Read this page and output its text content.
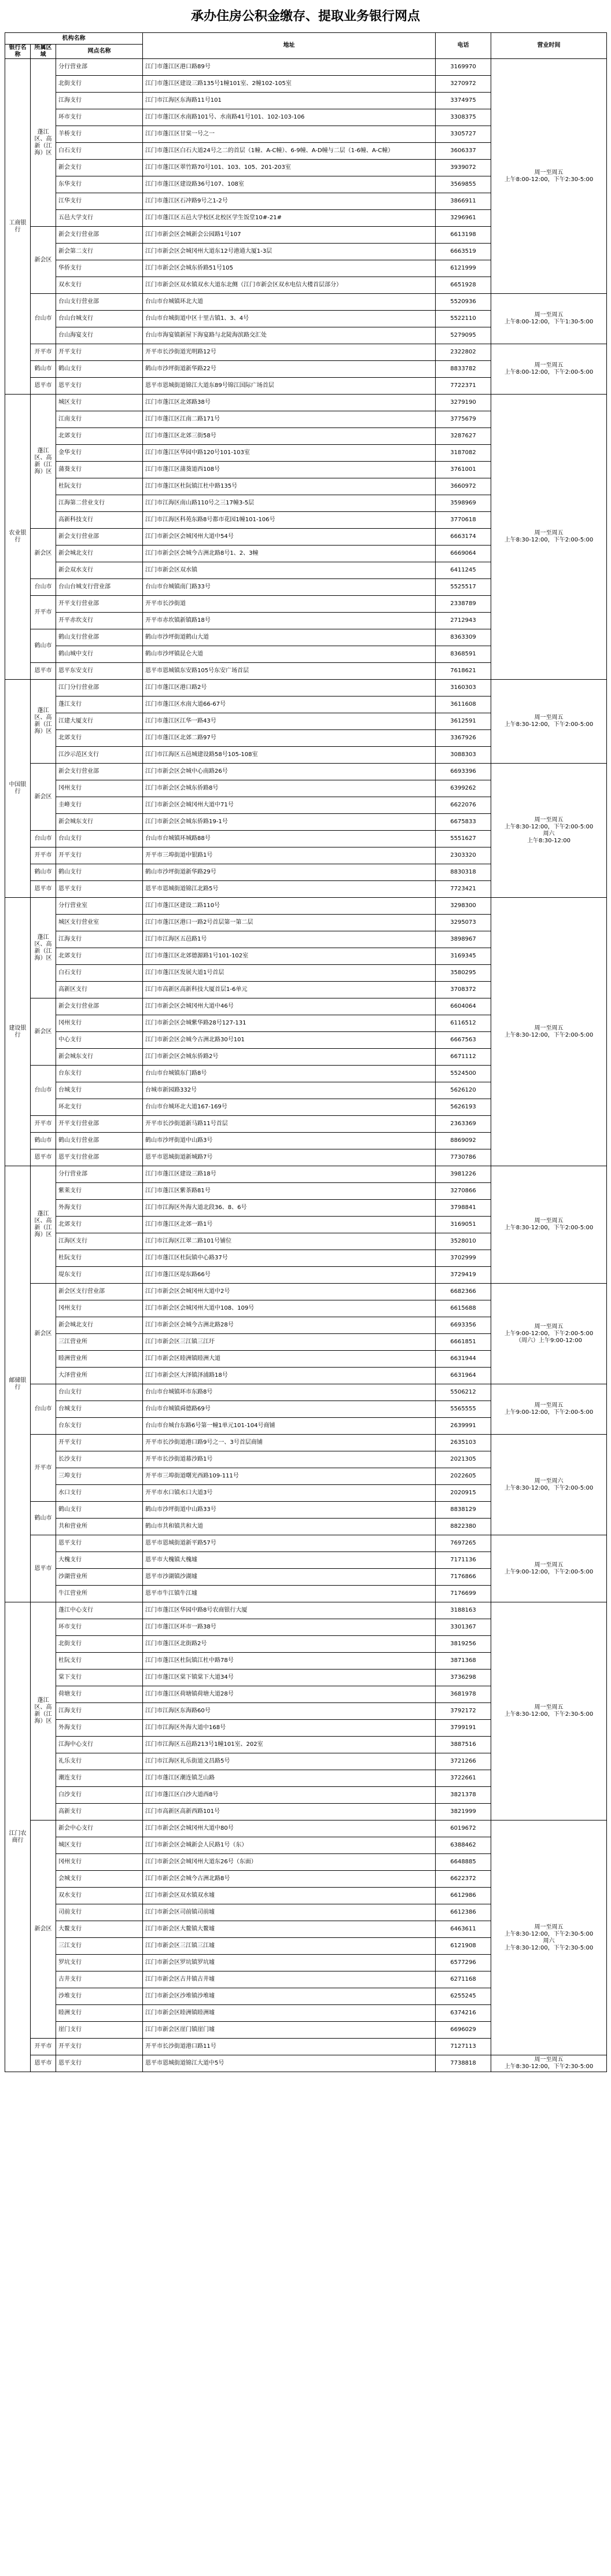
承办住房公积金缴存、提取业务银行网点
机构名称			地址	电话	营业时间
银行名称	所属区域	网点名称			
工商银行	蓬江区、高新（江海）区	分行营业部	江门市蓬江区港口路89号	3169970	周一至周五
上午8:00-12:00，下午2:30-5:00
		北街支行	江门市蓬江区建设三路135号1幢101室、2幢102-105室	3270972	
		江海支行	江门市江海区东海路11号101	3374975	
		环市支行	江门市蓬江区水南路101号、水南路41号101、102-103-106	3308375	
		羊桥支行	江门市蓬江区甘棠一号之一	3305727	
		白石支行	江门市蓬江区白石大道24号之二的首层（1幢、A-C幢）、6-9幢、A-D幢与二层（1-6幢、A-C幢）	3606337	
		新会支行	江门市蓬江区翠竹路70号101、103、105、201-203室	3939072	
		东华支行	江门市蓬江区建设路36号107、108室	3569855	
		江华支行	江门市蓬江区石冲路9号之1-2号	3866911	
		五邑大学支行	江门市蓬江区五邑大学校区北校区学生饭堂10#-21#	3296961	
	新会区	新会支行营业部	江门市新会区会城新会公园路1号107	6613198	
		新会第二支行	江门市新会区会城冈州大道东12号港通大厦1-3层	6663519	
		华侨支行	江门市新会区会城东侨路51号105	6121999	
		双水支行	江门市新会区双水镇双水大道东北侧（江门市新会区双水电信大楼首层部分）	6651928	
	台山市	台山支行营业部	台山市台城镇环北大道	5520936	周一至周五
上午8:00-12:00，下午1:30-5:00
		台山台城支行	台山市台城街道中区十里古镇1、3、4号	5522110	
		台山海宴支行	台山市海宴镇新屋下海宴路与北陡海滨路交汇处	5279095	
	开平市	开平支行	开平市长沙街道光明路12号	2322802	周一至周五
上午8:00-12:00，下午2:00-5:00
	鹤山市	鹤山支行	鹤山市沙坪街道新华路22号	8833782	
	恩平市	恩平支行	恩平市恩城街道锦江大道东89号锦江国际广场首层	7722371	
农业银行	蓬江区、高新（江海）区	城区支行	江门市蓬江区北郊路38号	3279190	周一至周五
上午8:30-12:00，下午2:00-5:00
		江南支行	江门市蓬江区江南二路171号	3775679	
		北郊支行	江门市蓬江区北郊三街58号	3287627	
		金华支行	江门市蓬江区华园中路120号101-103室	3187082	
		蒲葵支行	江门市蓬江区蒲葵道西108号	3761001	
		杜阮支行	江门市蓬江区杜阮镇江杜中路135号	3660972	
		江海第二营业支行	江门市江海区南山路110号之三17幢3-5层	3598969	
		高新科技支行	江门市江海区科苑东路8号都市花园1幢101-106号	3770618	
	新会区	新会支行营业部	江门市新会区会城冈州大道中54号	6663174	
		新会城北支行	江门市新会区会城今古洲北路8号1、2、3幢	6669064	
		新会双水支行	江门市新会区双水镇	6411245	
	台山市	台山台城支行营业部	台山市台城镇南门路33号	5525517	
	开平市	开平支行营业部	开平市长沙街道	2338789	
		开平赤坎支行	开平市赤坎镇新镇路18号	2712943	
	鹤山市	鹤山支行营业部	鹤山市沙坪街道鹤山大道	8363309	
		鹤山城中支行	鹤山市沙坪镇昆仑大道	8368591	
	恩平市	恩平东安支行	恩平市恩城镇东安路105号东安广场首层	7618621	
中国银行	蓬江区、高新（江海）区	江门分行营业部	江门市蓬江区港口路2号	3160303	周一至周五
上午8:30-12:00，下午2:00-5:00
		蓬江支行	江门市蓬江区水南大道66-67号	3611608	
		江建大厦支行	江门市蓬江区江华一路43号	3612591	
		北郊支行	江门市蓬江区北郊二路97号	3367926	
		江沙示范区支行	江门市江海区五邑城建设路58号105-108室	3088303	
	新会区	新会支行营业部	江门市新会区会城中心南路26号	6693396	周一至周五
上午8:30-12:00，下午2:00-5:00
周六
上午8:30-12:00
		冈州支行	江门市新会区会城东侨路8号	6399262	
		圭峰支行	江门市新会区会城冈州大道中71号	6622076	
		新会城东支行	江门市新会区会城东侨路19-1号	6675833	
	台山市	台山支行	台山市台城镇环城路88号	5551627	
	开平市	开平支行	开平市三埠街道中银路1号	2303320	
	鹤山市	鹤山支行	鹤山市沙坪街道新华路29号	8830318	
	恩平市	恩平支行	恩平市恩城街道锦江北路5号	7723421	
建设银行	蓬江区、高新（江海）区	分行营业室	江门市蓬江区建设二路110号	3298300	周一至周五
上午8:30-12:00，下午2:00-5:00
		城区支行营业室	江门市蓬江区港口一路2号首层第一第二层	3295073	
		江海支行	江门市江海区五邑路1号	3898967	
		北郊支行	江门市蓬江区北郊德源路1号101-102室	3169345	
		白石支行	江门市蓬江区发展大道1号首层	3580295	
		高新区支行	江门市高新区高新科技大厦首层1-6单元	3708372	
	新会区	新会支行营业部	江门市新会区会城冈州大道中46号	6604064	
		冈州支行	江门市新会区会城紫华路28号127-131	6116512	
		中心支行	江门市新会区会城今古洲北路30号101	6667563	
		新会城东支行	江门市新会区会城东侨路2号	6671112	
	台山市	台东支行	台山市台城镇东门路8号	5524500	
		台城支行	台城市新园路332号	5626120	
		环北支行	台山市台城环北大道167-169号	5626193	
	开平市	开平支行营业部	开平市长沙街道新马路11号首层	2363369	
	鹤山市	鹤山支行营业部	鹤山市沙坪街道中山路3号	8869092	
	恩平市	恩平支行营业部	恩平市恩城街道新城路7号	7730786	
邮储银行	蓬江区、高新（江海）区	分行营业部	江门市蓬江区建设三路18号	3981226	周一至周五
上午8:30-12:00，下午2:00-5:00
		紫莱支行	江门市蓬江区紫茶路81号	3270866	
		外海支行	江门市江海区外海大道北段36、8、6号	3798841	
		北郊支行	江门市蓬江区北郊一路1号	3169051	
		江海区支行	江门市江海区江翠二路101号铺位	3528010	
		杜阮支行	江门市蓬江区杜阮镇中心路37号	3702999	
		堤东支行	江门市蓬江区堤东路66号	3729419	
	新会区	新会区支行营业部	江门市新会区会城冈州大道中2号	6682366	周一至周五
上午9:00-12:00，下午2:00-5:00
（周六）上午9:00-12:00
		冈州支行	江门市新会区会城冈州大道中108、109号	6615688	
		新会城北支行	江门市新会区会城今古洲北路28号	6693356	
		三江营业所	江门市新会区三江镇三江圩	6661851	
		睦洲营业所	江门市新会区睦洲镇睦洲大道	6631944	
		大泽营业所	江门市新会区大泽镇泽浦路18号	6631964	
	台山市	台山支行	台山市台城镇环市东路8号	5506212	周一至周五
上午9:00-12:00，下午2:00-5:00
		台城支行	台山市台城镇舜德路69号	5565555	
		台东支行	台山市台城台东路6号第一幢1单元101-104号商铺	2639991	
	开平市	开平支行	开平市长沙街道港口路9号之一、3号首层商铺	2635103	周一至周六
上午8:30-12:00，下午2:00-5:00
		长沙支行	开平市长沙街道幕沙路1号	2021305	
		三埠支行	开平市三埠街道曙光西路109-111号	2022605	
		水口支行	开平市水口镇水口大道3号	2020915	
	鹤山市	鹤山支行	鹤山市沙坪街道中山路33号	8838129	
		共和营业所	鹤山市共和镇共和大道	8822380	
	恩平市	恩平支行	恩平市恩城街道新平路57号	7697265	周一至周五
上午9:00-12:00，下午2:00-5:00
		大槐支行	恩平市大槐镇大槐墟	7171136	
		沙湖营业所	恩平市沙湖镇沙湖墟	7176866	
		牛江营业所	恩平市牛江镇牛江墟	7176699	
江门农商行	蓬江区、高新（江海）区	蓬江中心支行	江门市蓬江区华园中路8号农商银行大厦	3188163	周一至周五
上午8:30-12:00，下午2:30-5:00
		环市支行	江门市蓬江区环市一路38号	3301367	
		北街支行	江门市蓬江区北街路2号	3819256	
		杜阮支行	江门市蓬江区杜阮镇江杜中路78号	3871368	
		棠下支行	江门市蓬江区棠下镇棠下大道34号	3736298	
		荷塘支行	江门市蓬江区荷塘镇荷塘大道28号	3681978	
		江海支行	江门市江海区东海路60号	3792172	
		外海支行	江门市江海区外海大道中168号	3799191	
		江海中心支行	江门市江海区五邑路213号1幢101室、202室	3887516	
		礼乐支行	江门市江海区礼乐街道文昌路5号	3721266	
		潮连支行	江门市蓬江区潮连镇芝山路	3722661	
		白沙支行	江门市蓬江区白沙大道西8号	3821378	
		高新支行	江门市高新区高新西路101号	3821999	
	新会区	新会中心支行	江门市新会区会城冈州大道中80号	6019672	周一至周五
上午8:30-12:00，下午2:30-5:00
周六
上午8:30-12:00，下午2:30-5:00
		城区支行	江门市新会区会城新会人民路1号（东）	6388462	
		冈州支行	江门市新会区会城冈州大道东26号（东面）	6648885	
		会城支行	江门市新会区会城今古洲北路8号	6622372	
		双水支行	江门市新会区双水镇双水墟	6612986	
		司前支行	江门市新会区司前镇司前墟	6612386	
		大鳌支行	江门市新会区大鳌镇大鳌墟	6463611	
		三江支行	江门市新会区三江镇三江墟	6121908	
		罗坑支行	江门市新会区罗坑镇罗坑墟	6577296	
		古井支行	江门市新会区古井镇古井墟	6271168	
		沙堆支行	江门市新会区沙堆镇沙堆墟	6255245	
		睦洲支行	江门市新会区睦洲镇睦洲墟	6374216	
		崖门支行	江门市新会区崖门镇崖门墟	6696029	
	开平市	开平支行	开平市长沙街道港口路11号	7127113	
	恩平市	恩平支行	恩平市恩城街道锦江大道中5号	7738818	周一至周五
上午8:30-12:00，下午2:30-5:00
